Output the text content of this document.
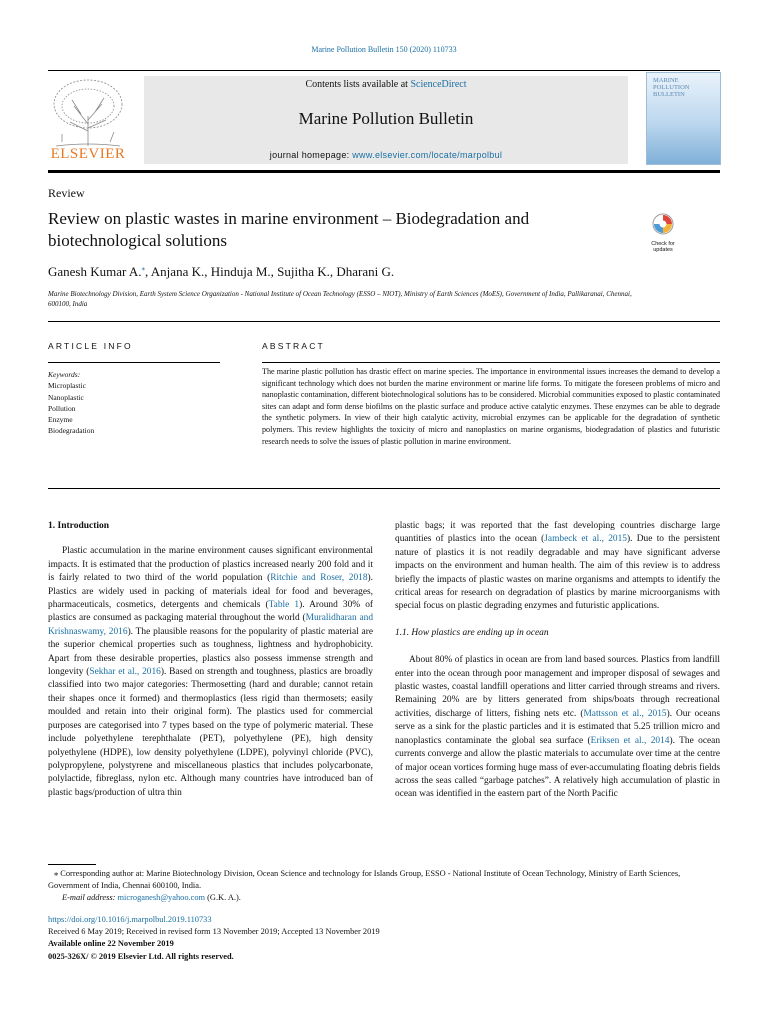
Marine Pollution Bulletin 150 (2020) 110733
ELSEVIER
Contents lists available at ScienceDirect
Marine Pollution Bulletin
journal homepage: www.elsevier.com/locate/marpolbul
MARINE POLLUTION BULLETIN
Review
Review on plastic wastes in marine environment – Biodegradation and biotechnological solutions	Check for updates
Ganesh Kumar A.⁎, Anjana K., Hinduja M., Sujitha K., Dharani G.
Marine Biotechnology Division, Earth System Science Organization - National Institute of Ocean Technology (ESSO – NIOT), Ministry of Earth Sciences (MoES), Government of India, Pallikaranai, Chennai, 600100, India
ARTICLE INFO	ABSTRACT
Keywords:
Microplastic
Nanoplastic
Pollution
Enzyme
Biodegradation
The marine plastic pollution has drastic effect on marine species. The importance in environmental issues increases the demand to develop a significant technology which does not burden the marine environment or marine life forms. To mitigate the foreseen problems of micro and nanoplastic contamination, different biotechnological solutions has to be considered. Microbial communities exposed to plastic contaminated sites can adapt and form dense biofilms on the plastic surface and produce active catalytic enzymes. These enzymes can be able to degrade the synthetic polymers. In view of their high catalytic activity, microbial enzymes can be applicable for the degradation of synthetic polymers. This review highlights the toxicity of micro and nanoplastics on marine organisms, biodegradation of plastics and futuristic research needs to solve the issues of plastic pollution in marine environment.

1. Introduction

Plastic accumulation in the marine environment causes significant environmental impacts. It is estimated that the production of plastics increased nearly 200 fold and it is fairly related to two third of the world population (Ritchie and Roser, 2018). Plastics are widely used in packing of materials ideal for food and beverages, pharmaceuticals, cosmetics, detergents and chemicals (Table 1). Around 30% of plastics are consumed as packaging material throughout the world (Muralidharan and Krishnaswamy, 2016). The plausible reasons for the popularity of plastic material are the superior chemical properties such as toughness, lightness and hydrophobicity. Apart from these desirable properties, plastics also possess immense strength and longevity (Sekhar et al., 2016). Based on strength and toughness, plastics are broadly classified into two major categories: Thermosetting (hard and durable; cannot retain their shapes once it formed) and thermoplastics (less rigid than thermosets; easily moulded and retain into their original form). The plastics used for commercial purposes are categorised into 7 types based on the type of polymeric material. These include polyethylene terephthalate (PET), polyethylene (PE), high density polyethylene (HDPE), low density polyethylene (LDPE), polyvinyl chloride (PVC), polypropylene, polystyrene and miscellaneous plastics that includes polycarbonate, polylactide, fibreglass, nylon etc. Although many countries have introduced ban of plastic bags/production of ultra thin

plastic bags; it was reported that the fast developing countries discharge large quantities of plastics into the ocean (Jambeck et al., 2015). Due to the persistent nature of plastics it is not readily degradable and may have significant adverse impacts on the environment and human health. The aim of this review is to address briefly the impacts of plastic wastes on marine organisms and attempts to identify the critical areas for research on degradation of plastics by marine microorganisms with special focus on plastic degrading enzymes and futuristic applications.

1.1. How plastics are ending up in ocean

About 80% of plastics in ocean are from land based sources. Plastics from landfill enter into the ocean through poor management and improper disposal of sewages and plastic wastes, coastal landfill operations and litter carried through streams and rivers. Remaining 20% are by litters generated from ships/boats through recreational activities, discharge of litters, fishing nets etc. (Mattsson et al., 2015). Our oceans serve as a sink for the plastic particles and it is estimated that 5.25 trillion micro and nanoplastics contaminate the global sea surface (Eriksen et al., 2014). The ocean currents converge and allow the plastic materials to accumulate over time at the centre of major ocean vortices forming huge mass of ever-accumulating floating debris fields across the seas called “garbage patches”. A relatively high accumulation of plastic in ocean was identified in the eastern part of the North Pacific

⁎ Corresponding author at: Marine Biotechnology Division, Ocean Science and technology for Islands Group, ESSO - National Institute of Ocean Technology, Ministry of Earth Sciences, Government of India, Chennai 600100, India.
E-mail address: microganesh@yahoo.com (G.K. A.).
https://doi.org/10.1016/j.marpolbul.2019.110733
Received 6 May 2019; Received in revised form 13 November 2019; Accepted 13 November 2019
Available online 22 November 2019
0025-326X/ © 2019 Elsevier Ltd. All rights reserved.
